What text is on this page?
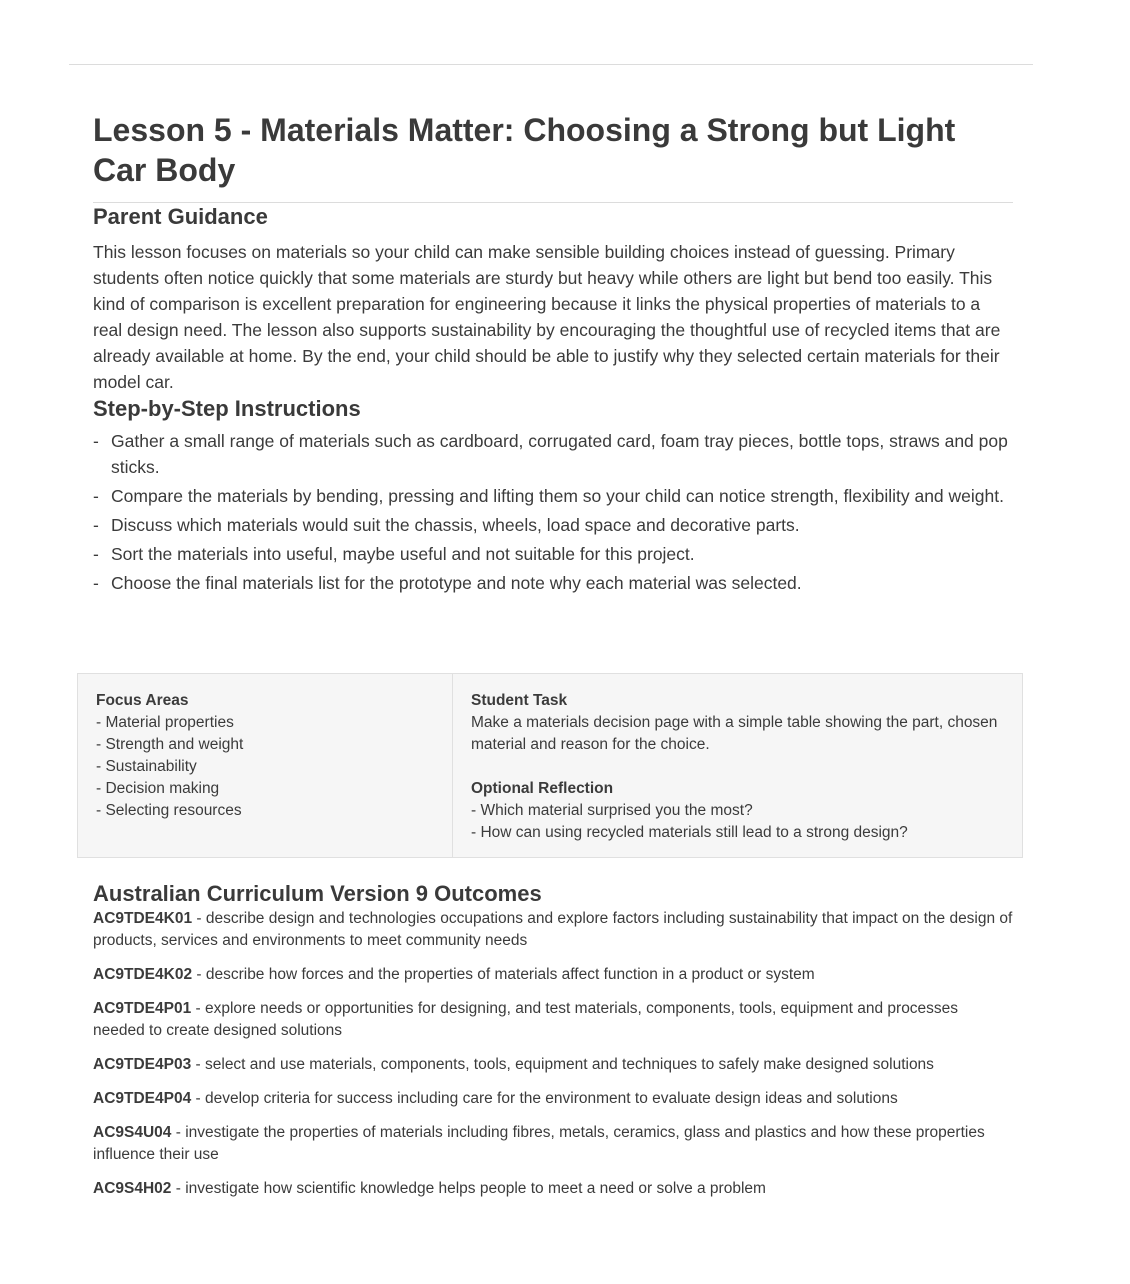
Lesson 5 - Materials Matter: Choosing a Strong but Light Car Body
Parent Guidance

This lesson focuses on materials so your child can make sensible building choices instead of guessing. Primary students often notice quickly that some materials are sturdy but heavy while others are light but bend too easily. This kind of comparison is excellent preparation for engineering because it links the physical properties of materials to a real design need. The lesson also supports sustainability by encouraging the thoughtful use of recycled items that are already available at home. By the end, your child should be able to justify why they selected certain materials for their model car.

Step-by-Step Instructions
- Gather a small range of materials such as cardboard, corrugated card, foam tray pieces, bottle tops, straws and pop sticks.
- Compare the materials by bending, pressing and lifting them so your child can notice strength, flexibility and weight.
- Discuss which materials would suit the chassis, wheels, load space and decorative parts.
- Sort the materials into useful, maybe useful and not suitable for this project.
- Choose the final materials list for the prototype and note why each material was selected.
Focus Areas
- Material properties
- Strength and weight
- Sustainability
- Decision making
- Selecting resources
Student Task
Make a materials decision page with a simple table showing the part, chosen material and reason for the choice.
Optional Reflection
- Which material surprised you the most?
- How can using recycled materials still lead to a strong design?
Australian Curriculum Version 9 Outcomes

AC9TDE4K01 - describe design and technologies occupations and explore factors including sustainability that impact on the design of products, services and environments to meet community needs

AC9TDE4K02 - describe how forces and the properties of materials affect function in a product or system

AC9TDE4P01 - explore needs or opportunities for designing, and test materials, components, tools, equipment and processes needed to create designed solutions

AC9TDE4P03 - select and use materials, components, tools, equipment and techniques to safely make designed solutions

AC9TDE4P04 - develop criteria for success including care for the environment to evaluate design ideas and solutions

AC9S4U04 - investigate the properties of materials including fibres, metals, ceramics, glass and plastics and how these properties influence their use

AC9S4H02 - investigate how scientific knowledge helps people to meet a need or solve a problem
